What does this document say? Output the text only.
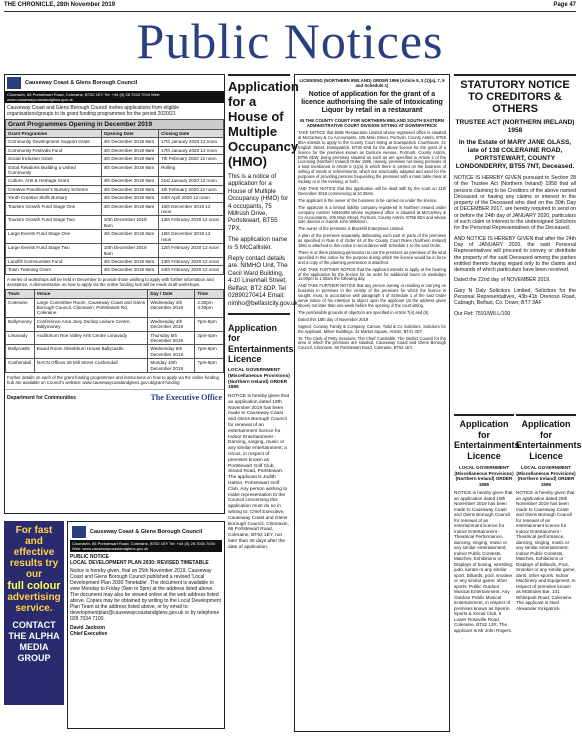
THE CHRONICLE, 28th November 2019	Page 47
Public Notices
Causeway Coast & Glens Borough Council
Cloonavin, 66 Portstewart Road, Coleraine, BT52 1EY Tel: +44 (0) 28 7034 7034 Web: www.causewaycoastandglens.gov.uk
Causeway Coast and Glens Borough Council invites applications from eligible organisations/groups to its grant funding programmes for the period 2020/21
Grant Programmes Opening in December 2019
Grant Programme	Opening Date	Closing Date
Community Development Support Grant	4th December 2019 9am	17th January 2020 12 noon
Community Festivals Fund	4th December 2019 9am	17th January 2020 12 noon
Social Inclusion Grant	4th December 2019 9am	7th February 2020 12 noon
Good Relations Building a United Community	4th December 2019 9am	Rolling
Culture, Arts & Heritage Grant	4th December 2019 9am	21st January 2020 12 noon
Creative Practitioner's Bursary Scheme	4th December 2019 9am	4th February 2020 12 noon
Youth Creative Skills Bursary	4th December 2019 9am	24th April 2020 12 noon
Tourism Growth Fund Stage One	4th December 2019 9am	16th December 2019 12 noon
Tourism Growth Fund Stage Two	10th December 2019 9am	13th February 2020 12 noon
Large Events Fund Stage One	4th December 2019 9am	16th December 2019 12 noon
Large Events Fund Stage Two	10th December 2019 9am	12th February 2020 12 noon
Landfill Communities Fund	4th December 2019 9am	13th February 2020 12 noon
Town Twinning Grant	4th December 2019 9am	24th February 2020 12 noon
A series of workshops will be held in December to provide those wishing to apply with further information and assistance. A demonstration on how to apply via the online funding hub will be made at all workshops.
Town	Venue	Day / Date	Time
Coleraine	Large Committee Room, Causeway Coast and Glens Borough Council, Cloonavin, Portstewart Rd, Coleraine	Wednesday 4th December 2019	2.30pm - 4.30pm
Ballymoney	Conference Area Joey Dunlop Leisure Centre, Ballymoney	Wednesday 4th December 2019	7pm-9pm
Limavady	Auditorium Roe Valley Arts Centre Limavady	Thursday 5th December 2019	2pm-4pm
Ballycastle	Board Room Sheskburn House Ballycastle	Wednesday 5th December 2019	7pm-9pm
Cushendall	NACN Offices 28 Mill Street Cushendall	Monday 16th December 2019	7pm-9pm
Further details on each of the grant funding programmes and instructions on how to apply via the online funding hub are available on Council's website: www.causewaycoastandglens.gov.uk/grant-funding
Department for Communities	The Executive Office
For fast and effective results try our
full colour
advertising service.
CONTACT THE ALPHA MEDIA GROUP
Causeway Coast & Glens Borough Council
Cloonavin, 66 Portstewart Road, Coleraine, BT52 1EY Tel: +44 (0) 28 7034 7034 Web: www.causewaycoastandglens.gov.uk
PUBLIC NOTICE
LOCAL DEVELOPMENT PLAN 2030: REVISED TIMETABLE
Notice is hereby given, that on 25th November 2019, Causeway Coast and Glens Borough Council published a revised 'Local Development Plan 2030 Timetable'. The document is available to view Monday to Friday (9am to 5pm) at the address listed above. The document may also be viewed online at the web address listed above. Copies may be obtained by writing to the Local Development Plan Team at the address listed above, or by email to: developmentplan@causewaycoastandglens.gov.uk or by telephone 028 7034 7100.
David Jackson
Chief Executive
Application for a House of Multiple Occupancy (HMO)
This is a notice of application for a House of Multiple Occupancy (HMO) for 4 occupants, 75 Millrush Drive, Portstewart, BT55 7PX.
The application name is S McCallister.
Reply contact details are: NIMHO Unit, The Cecil Ward Building, 4-10 Linenhall Street, Belfast, BT2 8DP. Tel 02890270414 Email: nimho@belfastcity.gov.uk
Application for Entertainments Licence
LOCAL GOVERNMENT (Miscellaneous Provisions) (Northern Ireland) ORDER 1985
NOTICE is hereby given that an application dated 19th November 2019 has been made to Causeway Coast and Glens Borough Council for renewal of an entertainment licence for Indoor Entertainment - Dancing, singing, music or any similar entertainment; a circus, in respect of premises known as Portstewart Golf Club, Strand Road, Portstewart. The applicant is Judith Hatton, Portstewart Golf Club. Any person wishing to make representation to the Council concerning this application must do so in writing to: Chief Executive, Causeway Coast and Glens Borough Council, Cloonavin, 66 Portstewart Road, Coleraine, BT52 1EY, not later than 28 days after the date of application.
LICENSING (NORTHERN IRELAND) ORDER 1996 (Article 5, 3 (1)(a), 7, 9 and Schedule 1)
Notice of application for the grant of a licence authorising the sale of Intoxicating Liquor by retail in a restaurant
IN THE COUNTY COURT FOR NORTHERN IRELAND SOUTH EASTERN ADMINISTRATIVE COURT DIVISION SITTING AT DOWNPATRICK

TAKE NOTICE that Bittle Restaurants Limited whose registered office is situated at McCartney & Co Accountants, 105 Main Street, Portrush, County Antrim, BT56 8DA intends to apply to the County Court sitting at Downpatrick Courthouse, 21 English Street, Downpatrick, BT30 6AB for the above licence for the grant of a licence for the premises known as Dunluce Avenue, Portrush, County Antrim, BT56 8DW, being premises situated as such as are specified in Article 2 of the Licensing (Northern Ireland) Order 1996, namely, premises not being premises of a kind mentioned in Article 5 (1)(a) in which there is carried on the business of selling of meals or refreshments, which are structurally adapted and used for the purposes of providing persons frequenting the premises with a main table meal at midday or in the evening, or both.

AND TAKE NOTICE that this application will be dealt with by the court on 11th December 2019 commencing at 10.30am.

The applicant is the owner of the business to be carried on under the licence.

The applicant is a limited liability company registered in Northern Ireland under company number NI646498 whose registered office is situated at McCartney & Co Accountants, 105 Main Street, Portrush, County Antrim, BT56 8DA and whose sole director is Gareth John Wilkinson.

The owner of the premises is Blackhill Enterprises Limited.

A plan of the premises separately delineating each part or parts of the premises as specified in Rule 6 of Order 44 of the County Court Rules (Northern Ireland) 1981 is attached to this notice in accordance with Schedule 1 to the said Order.

There is or there planning permission to use the premises as premises of the kind specified in this notice for the purpose during which the licence would be in force and a copy of the planning permission is attached.

AND TAKE FURTHER NOTICE that the applicant intends to apply at the hearing of the application for the licence for an order for additional hours on weekdays 11.00pm to 1.00am the following day.

AND TAKE FURTHER NOTICE that any person owning or residing or carrying on business in premises in the vicinity of the premises for which the licence is sought, must, in accordance with paragraph 4 of Schedule 1 of the said Order serve notice of his intention to object upon the applicant (at the address given above) not later than one week before the opening of the court sitting.

The permissible grounds of objection are specified in Article 7(4) and (5).

Dated this 18th day of November 2019

Signed: Conway Family & Company, Carson, Todd & Co Solicitors, Solicitors for the Applicant, Milner Buildings, 32 Market Square, Antrim, BT41 4DT

To: The Clerk of Petty Sessions; The Chief Constable; The District Council for the area in which the premises are situated, Causeway Coast and Glens Borough Council, Cloonavin, 66 Portstewart Road, Coleraine, BT52 1EY.

STATUTORY NOTICE TO CREDITORS & OTHERS
TRUSTEE ACT (NORTHERN IRELAND) 1958
In the Estate of MARY JANE GLASS, late of 138 COLERAINE ROAD, PORTSTEWART, COUNTY LONDONDERRY, BT55 7NT, Deceased.

NOTICE IS HEREBY GIVEN pursuant to Section 28 of the Trustee Act (Northern Ireland) 1958 that all persons claiming to be Creditors of the above named Deceased or having any claims or interest in the property of the Deceased who died on the 30th Day of DECEMBER 2017, are hereby required to send on or before the 24th day of JANUARY 2020, particulars of such claim or interest to the undersigned Solicitors for the Personal Representatives of the Deceased.

AND NOTICE IS HEREBY GIVEN that after the 24th Day of JANUARY 2020, the said Personal Representatives will proceed to convey or distribute the property of the said Deceased among the parties entitled thereto having regard only to the claims and demands of which particulars have been received.

Dated the 22nd day of NOVEMBER 2019.

Gary N Daly Solicitors Limited, Solicitors for the Personal Representatives, 43b-41b Orenoso Road, Cabragh, Belfast, Co. Down, BT7 3AF

Our Ref: 7591/WILL/100

Application for Entertainments Licence
LOCAL GOVERNMENT (Miscellaneous Provisions) (Northern Ireland) ORDER 1985
NOTICE is hereby given that an application dated 19th November 2019 has been made to Causeway Coast and Glens Borough Council for renewal of an entertainment licence for Indoor Entertainment - Theatrical Performance, dancing, singing, music or any similar entertainment; Indoor Public Contests, Matches, Exhibitions or Displays of boxing, wrestling, judo, karate or any similar sport; billiards, pool, snooker or any similar game; other sports. Public Outdoor Musical Entertainment. Any Outdoor Public Musical Entertainment, in respect of premises known as Sperrin Sports & Social Club, 5 Lower Roseville Road, Coleraine, BT52 1JR. The applicant is Mr John Rogers.
Application for Entertainments Licence
LOCAL GOVERNMENT (Miscellaneous Provisions) (Northern Ireland) ORDER 1985
NOTICE is hereby given that an application dated 26th November 2019 has been made to Causeway Coast and Glens Borough Council for renewal of an entertainment licence for Indoor Entertainment - Theatrical performance, dancing, singing, music or any similar entertainment; Indoor Public Contests, Matches, Exhibitions or Displays of Billiards, Pool, Snooker or any similar game, darts, other sports. Indoor Machinery and Equipment, in respect of premises known as McBrides Bar, 141 Whitepark Road, Coleraine. The applicant is Noel Alexander Kirkpatrick.
